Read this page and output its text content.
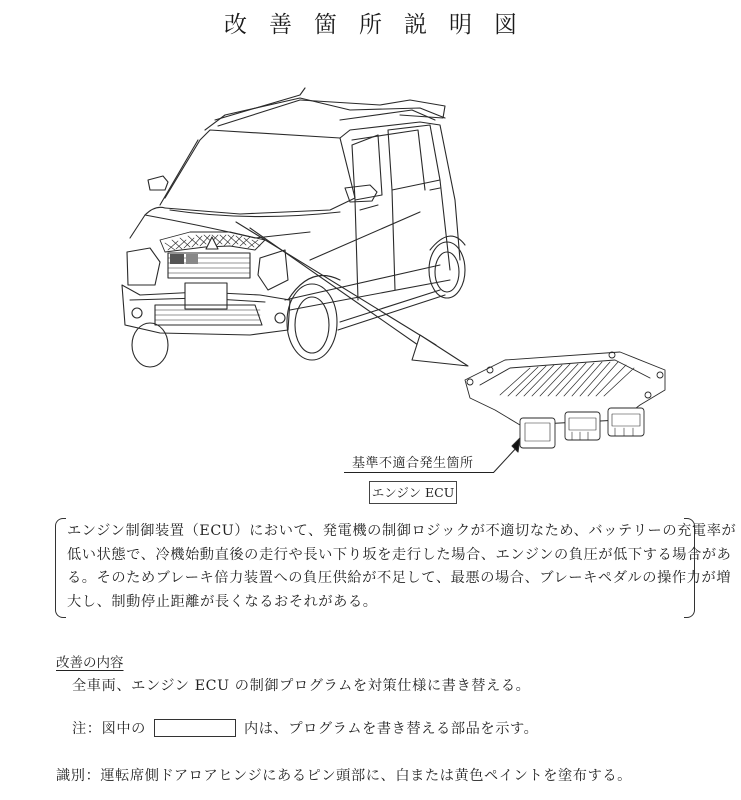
改善箇所説明図
基準不適合発生箇所
エンジン ECU
エンジン制御装置（ECU）において、発電機の制御ロジックが不適切なため、バッテリーの充電率が
低い状態で、冷機始動直後の走行や長い下り坂を走行した場合、エンジンの負圧が低下する場合があ
る。そのためブレーキ倍力装置への負圧供給が不足して、最悪の場合、ブレーキペダルの操作力が増
大し、制動停止距離が長くなるおそれがある。
改善の内容
全車両、エンジン ECU の制御プログラムを対策仕様に書き替える。
注：図中の	内は、プログラムを書き替える部品を示す。
識別：運転席側ドアロアヒンジにあるピン頭部に、白または黄色ペイントを塗布する。
